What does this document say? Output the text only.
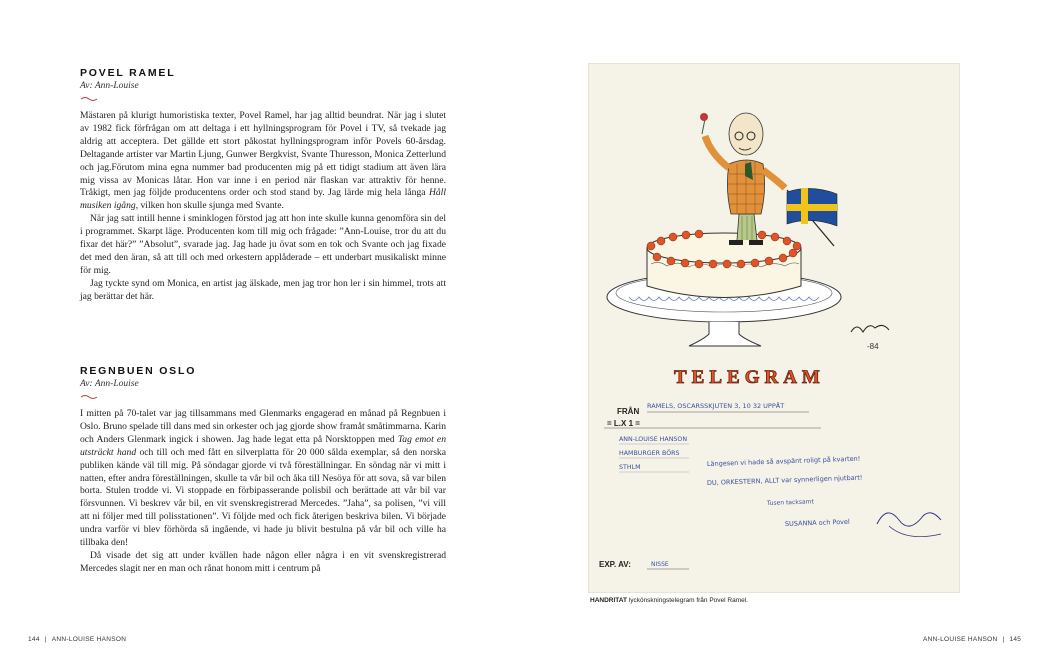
POVEL RAMEL
Av: Ann-Louise

Mästaren på klurigt humoristiska texter, Povel Ramel, har jag alltid beundrat. När jag i slutet av 1982 fick förfrågan om att deltaga i ett hyllningsprogram för Povel i TV, så tvekade jag aldrig att acceptera. Det gällde ett stort påkostat hyllningsprogram inför Povels 60-årsdag. Deltagande artister var Martin Ljung, Gunwer Bergkvist, Svante Thuresson, Monica Zetterlund och jag.Förutom mina egna nummer bad producenten mig på ett tidigt stadium att även lära mig vissa av Monicas låtar. Hon var inne i en period när flaskan var attraktiv för henne. Tråkigt, men jag följde producentens order och stod stand by. Jag lärde mig hela långa Håll musiken igång, vilken hon skulle sjunga med Svante.

När jag satt intill henne i sminklogen förstod jag att hon inte skulle kunna genomföra sin del i programmet. Skarpt läge. Producenten kom till mig och frågade: ”Ann-Louise, tror du att du fixar det här?” ”Absolut”, svarade jag. Jag hade ju övat som en tok och Svante och jag fixade det med den äran, så att till och med orkestern applåderade – ett underbart musikaliskt minne för mig.

Jag tyckte synd om Monica, en artist jag älskade, men jag tror hon ler i sin himmel, trots att jag berättar det här.

REGNBUEN OSLO
Av: Ann-Louise

I mitten på 70-talet var jag tillsammans med Glenmarks engagerad en månad på Regnbuen i Oslo. Bruno spelade till dans med sin orkester och jag gjorde show framåt småtimmarna. Karin och Anders Glenmark ingick i showen. Jag hade legat etta på Norsktoppen med Tag emot en utsträckt hand och till och med fått en silverplatta för 20 000 sålda exemplar, så den norska publiken kände väl till mig. På söndagar gjorde vi två föreställningar. En söndag när vi mitt i natten, efter andra föreställningen, skulle ta vår bil och åka till Nesöya för att sova, så var bilen borta. Stulen trodde vi. Vi stoppade en förbipasserande polisbil och berättade att vår bil var försvunnen. Vi beskrev vår bil, en vit svenskregistrerad Mercedes. ”Jaha”, sa polisen, ”vi vill att ni följer med till polisstationen”. Vi följde med och fick återigen beskriva bilen. Vi började undra varför vi blev förhörda så ingående, vi hade ju blivit bestulna på vår bil och ville ha tillbaka den!

Då visade det sig att under kvällen hade någon eller några i en vit svenskregistrerad Mercedes slagit ner en man och rånat honom mitt i centrum på

144 | ANN-LOUISE HANSON
-84
TELEGRAM
FRÅN
= L.X 1 =
RAMELS, OSCARSSKJUTEN 3, 10 32 UPPÅT
ANN-LOUISE HANSON
HAMBURGER BÖRS
STHLM	Längesen vi hade så avspänt roligt på kvarten!
DU, ORKESTERN, ALLT var synnerligen njutbart!
Tusen tacksamt
SUSANNA och Povel
EXP. AV:	NISSE
HANDRITAT lyckönskningstelegram från Povel Ramel.
ANN-LOUISE HANSON | 145
